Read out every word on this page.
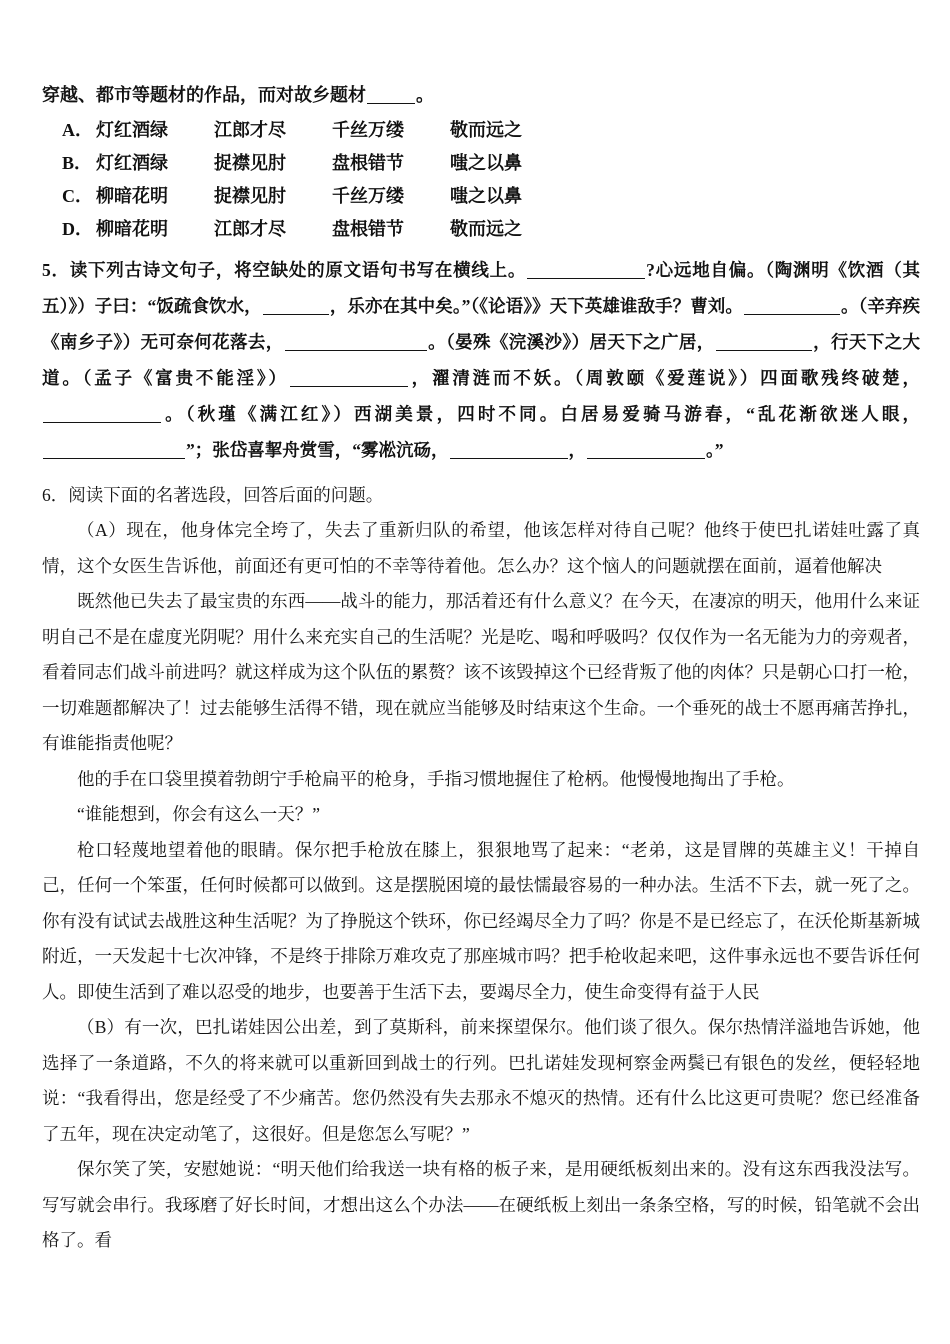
穿越、都市等题材的作品，而对故乡题材	。
A． 灯红酒绿	江郎才尽	千丝万缕	敬而远之
B． 灯红酒绿	捉襟见肘	盘根错节	嗤之以鼻
C． 柳暗花明	捉襟见肘	千丝万缕	嗤之以鼻
D． 柳暗花明	江郎才尽	盘根错节	敬而远之
5．读下列古诗文句子，将空缺处的原文语句书写在横线上。	?心远地自偏。（陶渊明《饮酒（其五）》）子曰：“饭疏食饮水，	，乐亦在其中矣。”（《论语》》天下英雄谁敌手？曹刘。	。（辛弃疾《南乡子》）无可奈何花落去，	。（晏殊《浣溪沙》）居天下之广居，	，行天下之大道。（孟子《富贵不能淫》）	，濯清涟而不妖。（周敦颐《爱莲说》）四面歌残终破楚，。（秋瑾《满江红》）西湖美景，四时不同。白居易爱骑马游春，“乱花渐欲迷人眼，”；张岱喜挈舟赏雪，“雾凇沆砀，	，	。”
6．阅读下面的名著选段，回答后面的问题。

（A）现在，他身体完全垮了，失去了重新归队的希望，他该怎样对待自己呢？他终于使巴扎诺娃吐露了真情，这个女医生告诉他，前面还有更可怕的不幸等待着他。怎么办？这个恼人的问题就摆在面前，逼着他解决

既然他已失去了最宝贵的东西——战斗的能力，那活着还有什么意义？在今天，在凄凉的明天，他用什么来证明自己不是在虚度光阴呢？用什么来充实自己的生活呢？光是吃、喝和呼吸吗？仅仅作为一名无能为力的旁观者，看着同志们战斗前进吗？就这样成为这个队伍的累赘？该不该毁掉这个已经背叛了他的肉体？只是朝心口打一枪，一切难题都解决了！过去能够生活得不错，现在就应当能够及时结束这个生命。一个垂死的战士不愿再痛苦挣扎，有谁能指责他呢？

他的手在口袋里摸着勃朗宁手枪扁平的枪身，手指习惯地握住了枪柄。他慢慢地掏出了手枪。

“谁能想到，你会有这么一天？”

枪口轻蔑地望着他的眼睛。保尔把手枪放在膝上，狠狠地骂了起来：“老弟，这是冒牌的英雄主义！干掉自己，任何一个笨蛋，任何时候都可以做到。这是摆脱困境的最怯懦最容易的一种办法。生活不下去，就一死了之。你有没有试试去战胜这种生活呢？为了挣脱这个铁环，你已经竭尽全力了吗？你是不是已经忘了，在沃伦斯基新城附近，一天发起十七次冲锋，不是终于排除万难攻克了那座城市吗？把手枪收起来吧，这件事永远也不要告诉任何人。即使生活到了难以忍受的地步，也要善于生活下去，要竭尽全力，使生命变得有益于人民

（B）有一次，巴扎诺娃因公出差，到了莫斯科，前来探望保尔。他们谈了很久。保尔热情洋溢地告诉她，他选择了一条道路，不久的将来就可以重新回到战士的行列。巴扎诺娃发现柯察金两鬓已有银色的发丝，便轻轻地说：“我看得出，您是经受了不少痛苦。您仍然没有失去那永不熄灭的热情。还有什么比这更可贵呢？您已经准备了五年，现在决定动笔了，这很好。但是您怎么写呢？”

保尔笑了笑，安慰她说：“明天他们给我送一块有格的板子来，是用硬纸板刻出来的。没有这东西我没法写。写写就会串行。我琢磨了好长时间，才想出这么个办法——在硬纸板上刻出一条条空格，写的时候，铅笔就不会出格了。看
